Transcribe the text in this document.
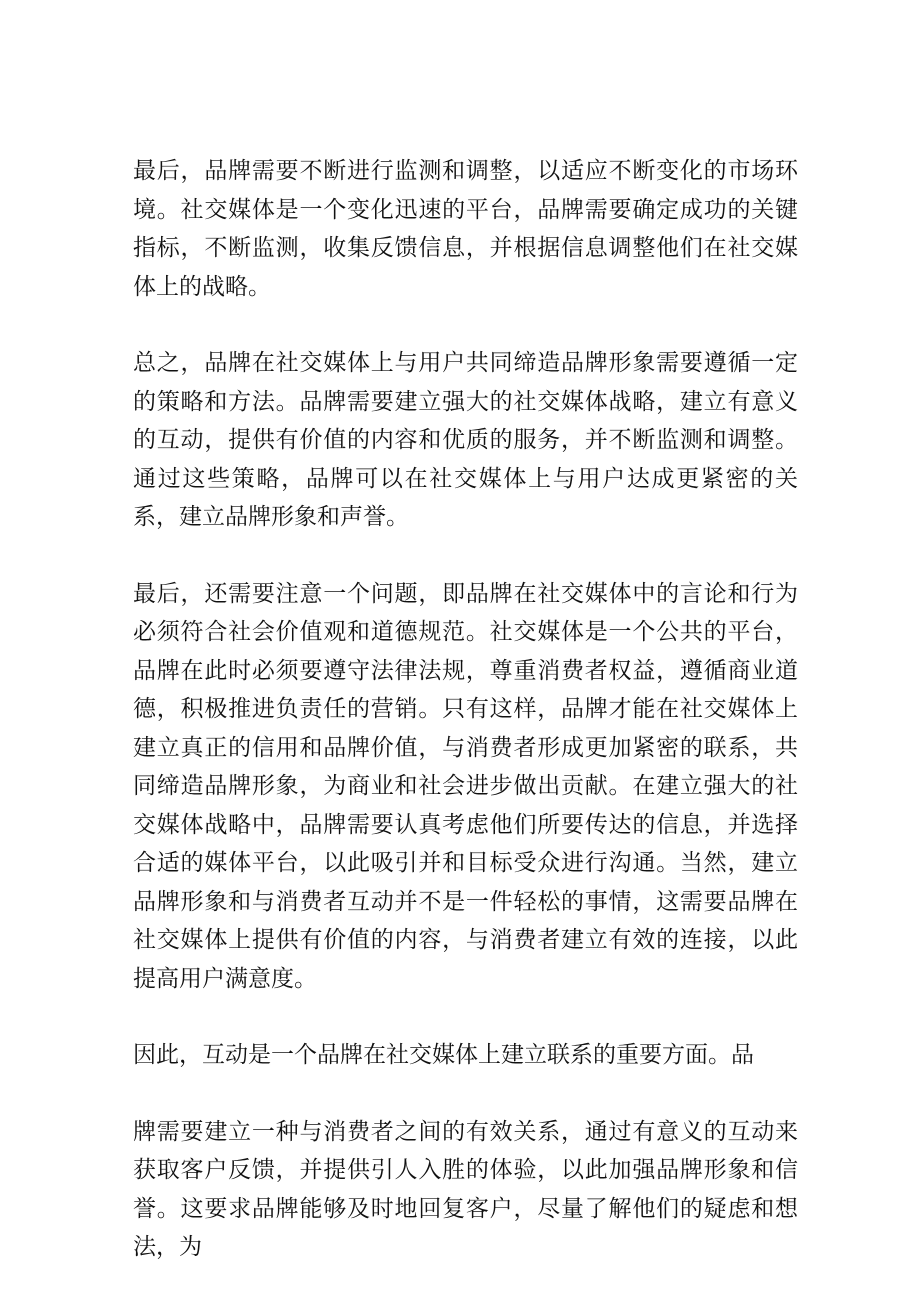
最后，品牌需要不断进行监测和调整，以适应不断变化的市场环境。社交媒体是一个变化迅速的平台，品牌需要确定成功的关键指标，不断监测，收集反馈信息，并根据信息调整他们在社交媒体上的战略。

总之，品牌在社交媒体上与用户共同缔造品牌形象需要遵循一定的策略和方法。品牌需要建立强大的社交媒体战略，建立有意义的互动，提供有价值的内容和优质的服务，并不断监测和调整。通过这些策略，品牌可以在社交媒体上与用户达成更紧密的关系，建立品牌形象和声誉。

最后，还需要注意一个问题，即品牌在社交媒体中的言论和行为必须符合社会价值观和道德规范。社交媒体是一个公共的平台，品牌在此时必须要遵守法律法规，尊重消费者权益，遵循商业道德，积极推进负责任的营销。只有这样，品牌才能在社交媒体上建立真正的信用和品牌价值，与消费者形成更加紧密的联系，共同缔造品牌形象，为商业和社会进步做出贡献。在建立强大的社交媒体战略中，品牌需要认真考虑他们所要传达的信息，并选择合适的媒体平台，以此吸引并和目标受众进行沟通。当然，建立品牌形象和与消费者互动并不是一件轻松的事情，这需要品牌在社交媒体上提供有价值的内容，与消费者建立有效的连接，以此提高用户满意度。

因此，互动是一个品牌在社交媒体上建立联系的重要方面。品

牌需要建立一种与消费者之间的有效关系，通过有意义的互动来获取客户反馈，并提供引人入胜的体验，以此加强品牌形象和信誉。这要求品牌能够及时地回复客户，尽量了解他们的疑虑和想法，为
